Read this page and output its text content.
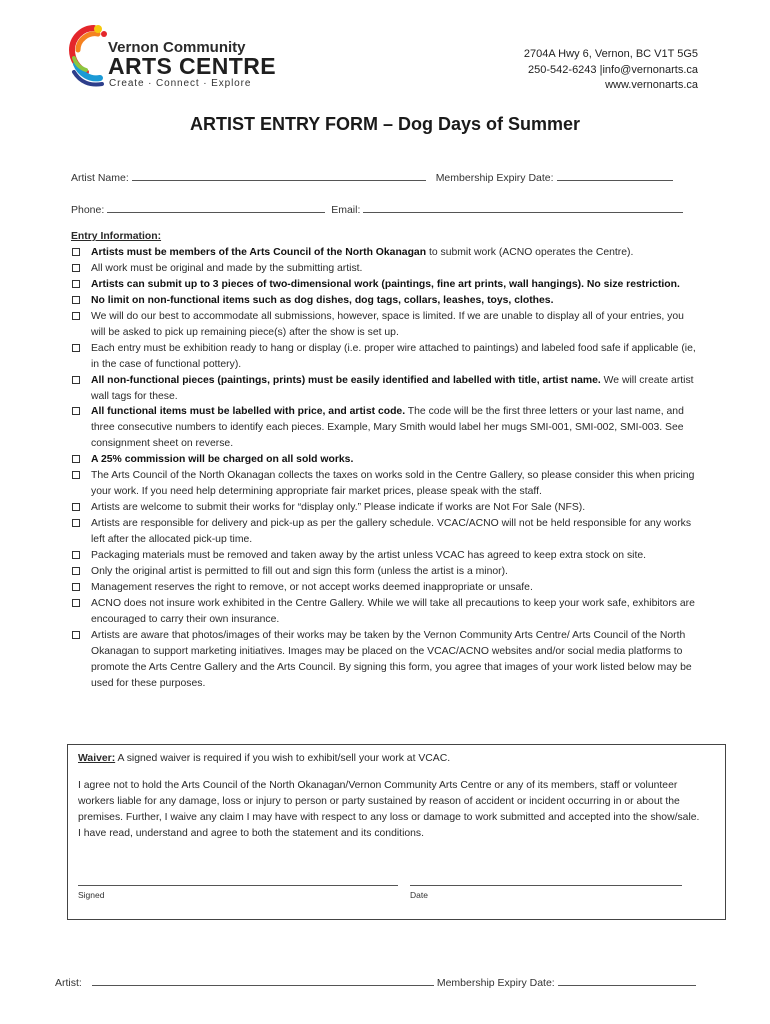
Vernon Community
ARTS CENTRE
Create · Connect · Explore
2704A Hwy 6, Vernon, BC V1T 5G5
250-542-6243 |info@vernonarts.ca
www.vernonarts.ca
ARTIST ENTRY FORM – Dog Days of Summer
Artist Name:	Membership Expiry Date:
Phone:	Email:
Entry Information:
Artists must be members of the Arts Council of the North Okanagan to submit work (ACNO operates the Centre).
All work must be original and made by the submitting artist.
Artists can submit up to 3 pieces of two-dimensional work (paintings, fine art prints, wall hangings). No size restriction.
No limit on non-functional items such as dog dishes, dog tags, collars, leashes, toys, clothes.
We will do our best to accommodate all submissions, however, space is limited. If we are unable to display all of your entries, you will be asked to pick up remaining piece(s) after the show is set up.
Each entry must be exhibition ready to hang or display (i.e. proper wire attached to paintings) and labeled food safe if applicable (ie, in the case of functional pottery).
All non-functional pieces (paintings, prints) must be easily identified and labelled with title, artist name. We will create artist wall tags for these.
All functional items must be labelled with price, and artist code. The code will be the first three letters or your last name, and three consecutive numbers to identify each pieces. Example, Mary Smith would label her mugs SMI-001, SMI-002, SMI-003. See consignment sheet on reverse.
A 25% commission will be charged on all sold works.
The Arts Council of the North Okanagan collects the taxes on works sold in the Centre Gallery, so please consider this when pricing your work. If you need help determining appropriate fair market prices, please speak with the staff.
Artists are welcome to submit their works for “display only.” Please indicate if works are Not For Sale (NFS).
Artists are responsible for delivery and pick-up as per the gallery schedule. VCAC/ACNO will not be held responsible for any works left after the allocated pick-up time.
Packaging materials must be removed and taken away by the artist unless VCAC has agreed to keep extra stock on site.
Only the original artist is permitted to fill out and sign this form (unless the artist is a minor).
Management reserves the right to remove, or not accept works deemed inappropriate or unsafe.
ACNO does not insure work exhibited in the Centre Gallery. While we will take all precautions to keep your work safe, exhibitors are encouraged to carry their own insurance.
Artists are aware that photos/images of their works may be taken by the Vernon Community Arts Centre/ Arts Council of the North Okanagan to support marketing initiatives. Images may be placed on the VCAC/ACNO websites and/or social media platforms to promote the Arts Centre Gallery and the Arts Council. By signing this form, you agree that images of your work listed below may be used for these purposes.
Waiver: A signed waiver is required if you wish to exhibit/sell your work at VCAC.
I agree not to hold the Arts Council of the North Okanagan/Vernon Community Arts Centre or any of its members, staff or volunteer workers liable for any damage, loss or injury to person or party sustained by reason of accident or incident occurring in or about the premises. Further, I waive any claim I may have with respect to any loss or damage to work submitted and accepted into the show/sale. I have read, understand and agree to both the statement and its conditions.
Signed	Date
Artist:	Membership Expiry Date:
